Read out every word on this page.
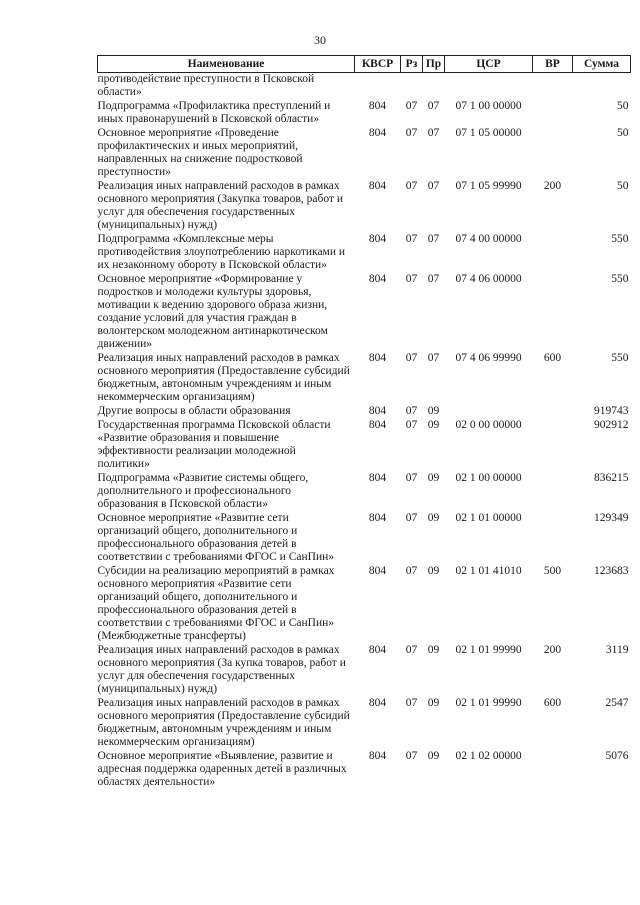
30
Наименование	КВСР	Рз	Пр	ЦСР	ВР	Сумма
противодействие преступности в Псковской области»						
Подпрограмма «Профилактика преступлений и иных правонарушений в Псковской области»	804	07	07	07 1 00 00000		50
Основное мероприятие «Проведение профилактических и иных мероприятий, направленных на снижение подростковой преступности»	804	07	07	07 1 05 00000		50
Реализация иных направлений расходов в рамках основного мероприятия (Закупка товаров, работ и услуг для обеспечения государственных (муниципальных) нужд)	804	07	07	07 1 05 99990	200	50
Подпрограмма «Комплексные меры противодействия злоупотреблению наркотиками и их незаконному обороту в Псковской области»	804	07	07	07 4 00 00000		550
Основное мероприятие «Формирование у подростков и молодежи культуры здоровья, мотивации к ведению здорового образа жизни, создание условий для участия граждан в волонтерском молодежном антинаркотическом движении»	804	07	07	07 4 06 00000		550
Реализация иных направлений расходов в рамках основного мероприятия (Предоставление субсидий бюджетным, автономным учреждениям и иным некоммерческим организациям)	804	07	07	07 4 06 99990	600	550
Другие вопросы в области образования	804	07	09			919743
Государственная программа Псковской области «Развитие образования и повышение эффективности реализации молодежной политики»	804	07	09	02 0 00 00000		902912
Подпрограмма «Развитие системы общего, дополнительного и профессионального образования в Псковской области»	804	07	09	02 1 00 00000		836215
Основное мероприятие «Развитие сети организаций общего, дополнительного и профессионального образования детей в соответствии с требованиями ФГОС и СанПин»	804	07	09	02 1 01 00000		129349
Субсидии на реализацию мероприятий в рамках основного мероприятия «Развитие сети организаций общего, дополнительного и профессионального образования детей в соответствии с требованиями ФГОС и СанПин» (Межбюджетные трансферты)	804	07	09	02 1 01 41010	500	123683
Реализация иных направлений расходов в рамках основного мероприятия (За купка товаров, работ и услуг для обеспечения государственных (муниципальных) нужд)	804	07	09	02 1 01 99990	200	3119
Реализация иных направлений расходов в рамках основного мероприятия (Предоставление субсидий бюджетным, автономным учреждениям и иным некоммерческим организациям)	804	07	09	02 1 01 99990	600	2547
Основное мероприятие «Выявление, развитие и адресная поддержка одаренных детей в различных областях деятельности»	804	07	09	02 1 02 00000		5076
